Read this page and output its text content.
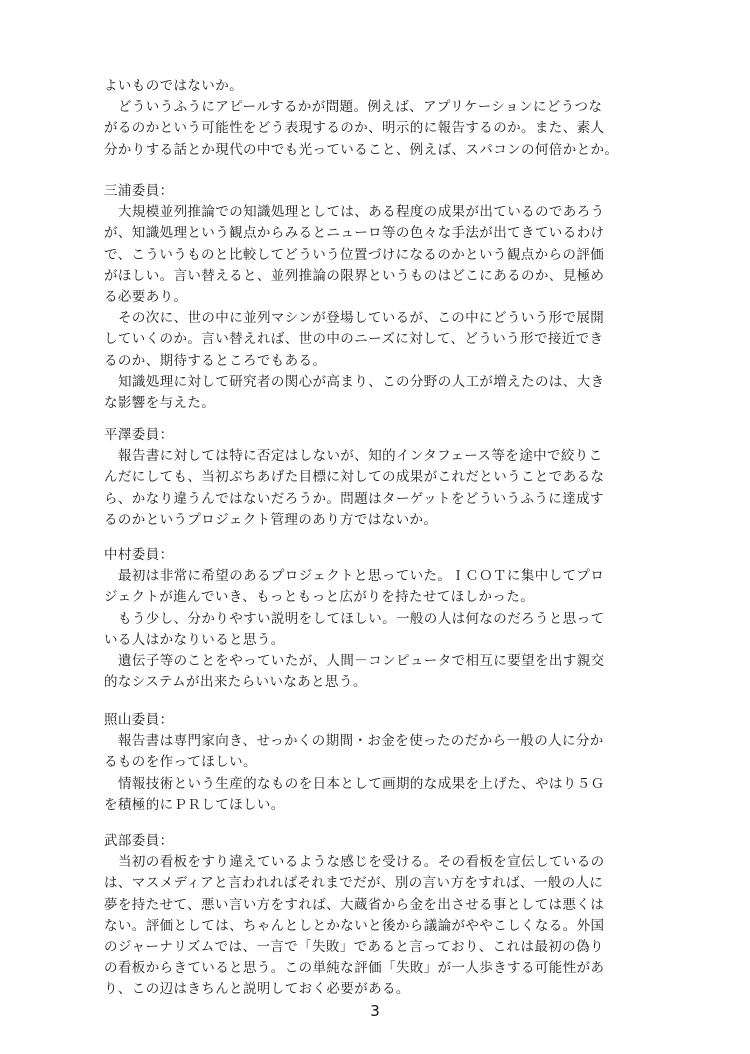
よいものではないか。
どういうふうにアピールするかが問題。例えば、アプリケーションにどうつな
がるのかという可能性をどう表現するのか、明示的に報告するのか。また、素人
分かりする話とか現代の中でも光っていること、例えば、スパコンの何倍かとか。
三浦委員：
大規模並列推論での知識処理としては、ある程度の成果が出ているのであろう
が、知識処理という観点からみるとニューロ等の色々な手法が出てきているわけ
で、こういうものと比較してどういう位置づけになるのかという観点からの評価
がほしい。言い替えると、並列推論の限界というものはどこにあるのか、見極め
る必要あり。
その次に、世の中に並列マシンが登場しているが、この中にどういう形で展開
していくのか。言い替えれば、世の中のニーズに対して、どういう形で接近でき
るのか、期待するところでもある。
知識処理に対して研究者の関心が高まり、この分野の人工が増えたのは、大き
な影響を与えた。
平澤委員：
報告書に対しては特に否定はしないが、知的インタフェース等を途中で絞りこ
んだにしても、当初ぶちあげた目標に対しての成果がこれだということであるな
ら、かなり違うんではないだろうか。問題はターゲットをどういうふうに達成す
るのかというプロジェクト管理のあり方ではないか。
中村委員：
最初は非常に希望のあるプロジェクトと思っていた。ＩＣＯＴに集中してプロ
ジェクトが進んでいき、もっともっと広がりを持たせてほしかった。
もう少し、分かりやすい説明をしてほしい。一般の人は何なのだろうと思って
いる人はかなりいると思う。
遺伝子等のことをやっていたが、人間－コンピュータで相互に要望を出す親交
的なシステムが出来たらいいなあと思う。
照山委員：
報告書は専門家向き、せっかくの期間・お金を使ったのだから一般の人に分か
るものを作ってほしい。
情報技術という生産的なものを日本として画期的な成果を上げた、やはり５Ｇ
を積極的にＰＲしてほしい。
武部委員：
当初の看板をすり違えているような感じを受ける。その看板を宣伝しているの
は、マスメディアと言われればそれまでだが、別の言い方をすれば、一般の人に
夢を持たせて、悪い言い方をすれば、大蔵省から金を出させる事としては悪くは
ない。評価としては、ちゃんとしとかないと後から議論がややこしくなる。外国
のジャーナリズムでは、一言で「失敗」であると言っており、これは最初の偽り
の看板からきていると思う。この単純な評価「失敗」が一人歩きする可能性があ
り、この辺はきちんと説明しておく必要がある。
3
